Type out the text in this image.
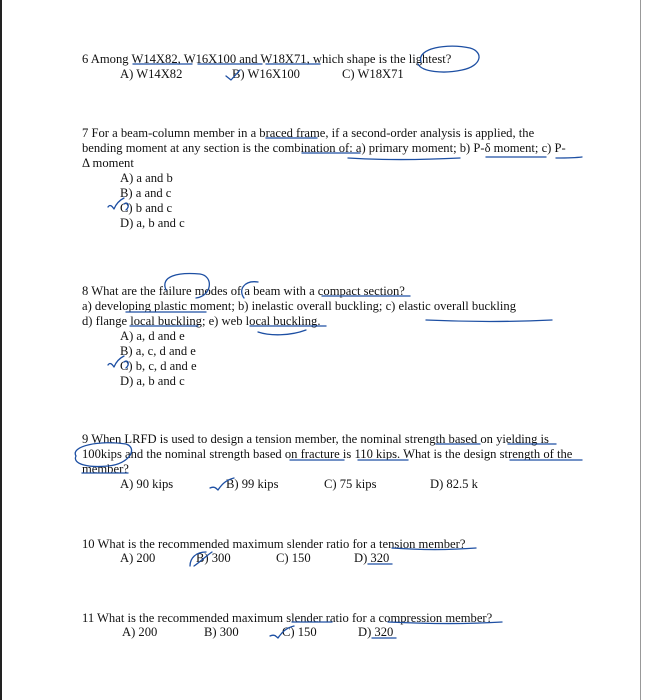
6 Among W14X82, W16X100 and W18X71, which shape is the lightest?
A) W14X82	B) W16X100	C) W18X71
7 For a beam-column member in a braced frame, if a second-order analysis is applied, the
bending moment at any section is the combination of: a) primary moment; b) P-δ moment; c) P-
Δ moment
A) a and b
B) a and c
C) b and c
D) a, b and c
8 What are the failure modes of a beam with a compact section?
a) developing plastic moment; b) inelastic overall buckling; c) elastic overall buckling
d) flange local buckling; e) web local buckling.
A) a, d and e
B) a, c, d and e
C) b, c, d and e
D) a, b and c
9 When LRFD is used to design a tension member, the nominal strength based on yielding is
100kips and the nominal strength based on fracture is 110 kips. What is the design strength of the
member?
A) 90 kips	B) 99 kips	C) 75 kips	D) 82.5 k
10 What is the recommended maximum slender ratio for a tension member?
A) 200	B) 300	C) 150	D) 320
11 What is the recommended maximum slender ratio for a compression member?
A) 200	B) 300	C) 150	D) 320
